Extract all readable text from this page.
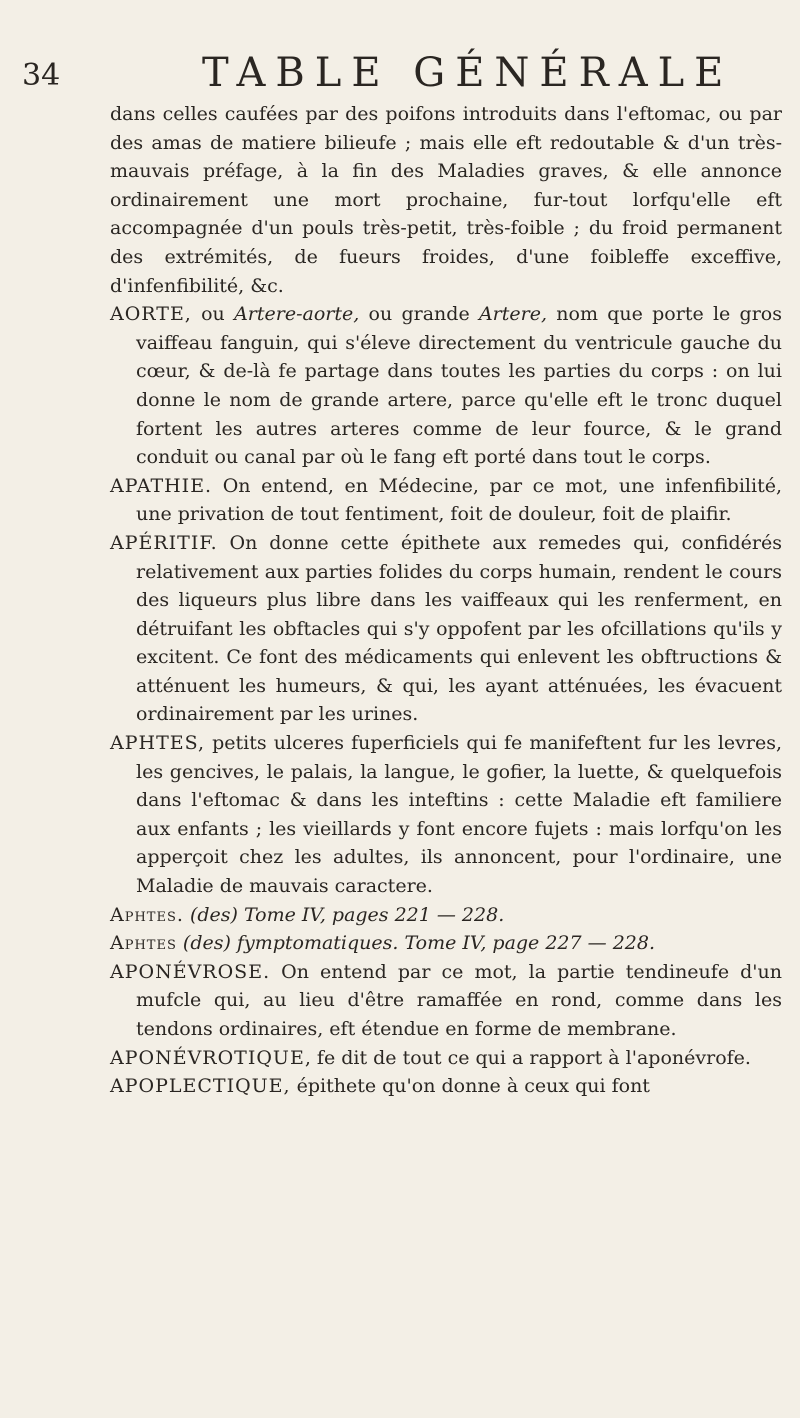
34	TABLE GÉNÉRALE

dans celles caufées par des poifons introduits dans l'eftomac, ou par des amas de matiere bilieufe ; mais elle eft redoutable & d'un très-mauvais préfage, à la fin des Maladies graves, & elle annonce ordinairement une mort prochaine, fur-tout lorfqu'elle eft accompagnée d'un pouls très-petit, très-foible ; du froid permanent des extrémités, de fueurs froides, d'une foibleffe exceffive, d'infenfibilité, &c.

AORTE, ou Artere-aorte, ou grande Artere, nom que porte le gros vaiffeau fanguin, qui s'éleve directement du ventricule gauche du cœur, & de-là fe partage dans toutes les parties du corps : on lui donne le nom de grande artere, parce qu'elle eft le tronc duquel fortent les autres arteres comme de leur fource, & le grand conduit ou canal par où le fang eft porté dans tout le corps.

APATHIE. On entend, en Médecine, par ce mot, une infenfibilité, une privation de tout fentiment, foit de douleur, foit de plaifir.

APÉRITIF. On donne cette épithete aux remedes qui, confidérés relativement aux parties folides du corps humain, rendent le cours des liqueurs plus libre dans les vaiffeaux qui les renferment, en détruifant les obftacles qui s'y oppofent par les ofcillations qu'ils y excitent. Ce font des médicaments qui enlevent les obftructions & atténuent les humeurs, & qui, les ayant atténuées, les évacuent ordinairement par les urines.

APHTES, petits ulceres fuperficiels qui fe manifeftent fur les levres, les gencives, le palais, la langue, le gofier, la luette, & quelquefois dans l'eftomac & dans les inteftins : cette Maladie eft familiere aux enfants ; les vieillards y font encore fujets : mais lorfqu'on les apperçoit chez les adultes, ils annoncent, pour l'ordinaire, une Maladie de mauvais caractere.

Aphtes. (des) Tome IV, pages 221 — 228.

Aphtes (des) fymptomatiques. Tome IV, page 227 — 228.

APONÉVROSE. On entend par ce mot, la partie tendineufe d'un mufcle qui, au lieu d'être ramaffée en rond, comme dans les tendons ordinaires, eft étendue en forme de membrane.

APONÉVROTIQUE, fe dit de tout ce qui a rapport à l'aponévrofe.

APOPLECTIQUE, épithete qu'on donne à ceux qui font
